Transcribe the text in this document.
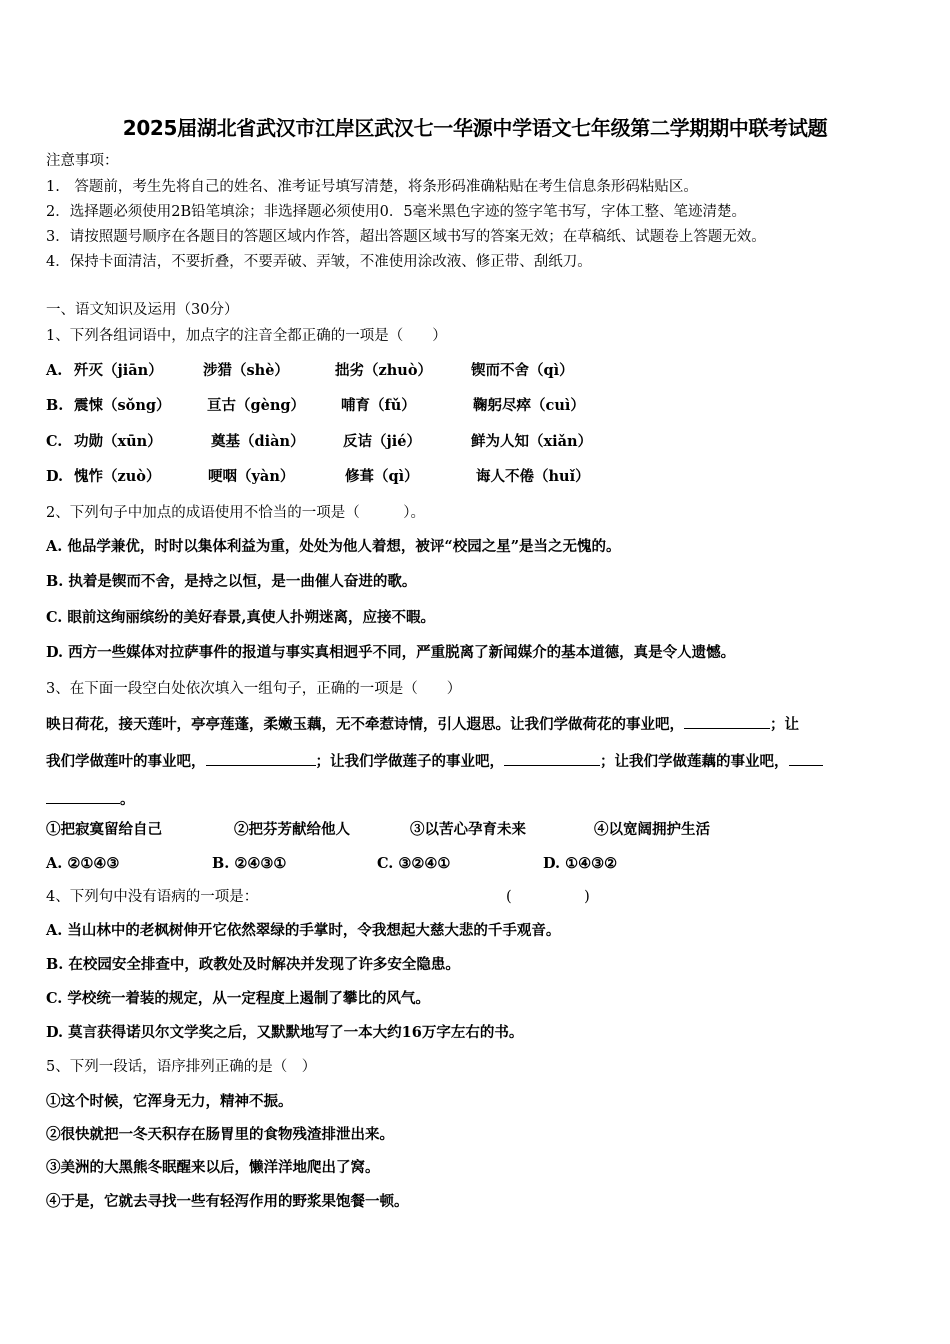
2025届湖北省武汉市江岸区武汉七一华源中学语文七年级第二学期期中联考试题
注意事项：
1.　答题前，考生先将自己的姓名、准考证号填写清楚，将条形码准确粘贴在考生信息条形码粘贴区。
2．选择题必须使用2B铅笔填涂；非选择题必须使用0．5毫米黑色字迹的签字笔书写，字体工整、笔迹清楚。
3．请按照题号顺序在各题目的答题区域内作答，超出答题区域书写的答案无效；在草稿纸、试题卷上答题无效。
4．保持卡面清洁，不要折叠，不要弄破、弄皱，不准使用涂改液、修正带、刮纸刀。
一、语文知识及运用（30分）
1、下列各组词语中，加点字的注音全都正确的一项是（　　）
A. 歼灭（jiān）	涉猎（shè）	拙劣（zhuò）	锲而不舍（qì）
B. 震悚（sǒng）	亘古（gèng） 哺育（fǔ）	鞠躬尽瘁（cuì）
C. 功勋（xūn）	奠基（diàn）	反诘（jié）	鲜为人知（xiǎn）
D. 愧怍（zuò）	哽咽（yàn）	修葺（qì）	诲人不倦（huǐ）
2、下列句子中加点的成语使用不恰当的一项是（　　　）。
A. 他品学兼优，时时以集体利益为重，处处为他人着想，被评“校园之星”是当之无愧的。
B. 执着是锲而不舍，是持之以恒，是一曲催人奋进的歌。
C. 眼前这绚丽缤纷的美好春景,真使人扑朔迷离，应接不暇。
D. 西方一些媒体对拉萨事件的报道与事实真相迥乎不同，严重脱离了新闻媒介的基本道德，真是令人遗憾。
3、在下面一段空白处依次填入一组句子，正确的一项是（　　）
映日荷花，接天莲叶，亭亭莲蓬，柔嫩玉藕，无不牵惹诗情，引人遐思。让我们学做荷花的事业吧，	；让
我们学做莲叶的事业吧，	；让我们学做莲子的事业吧，	；让我们学做莲藕的事业吧，
。
①把寂寞留给自己	②把芬芳献给他人	③以苦心孕育未来	④以宽阔拥护生活
A. ②①④③	B. ②④③①	C. ③②④①	D. ①④③②
4、下列句中没有语病的一项是：	(　　　　　)
A. 当山林中的老枫树伸开它依然翠绿的手掌时，令我想起大慈大悲的千手观音。
B. 在校园安全排查中，政教处及时解决并发现了许多安全隐患。
C. 学校统一着装的规定，从一定程度上遏制了攀比的风气。
D. 莫言获得诺贝尔文学奖之后，又默默地写了一本大约16万字左右的书。
5、下列一段话，语序排列正确的是（　）
①这个时候，它浑身无力，精神不振。
②很快就把一冬天积存在肠胃里的食物残渣排泄出来。
③美洲的大黑熊冬眠醒来以后，懒洋洋地爬出了窝。
④于是，它就去寻找一些有轻泻作用的野浆果饱餐一顿。
